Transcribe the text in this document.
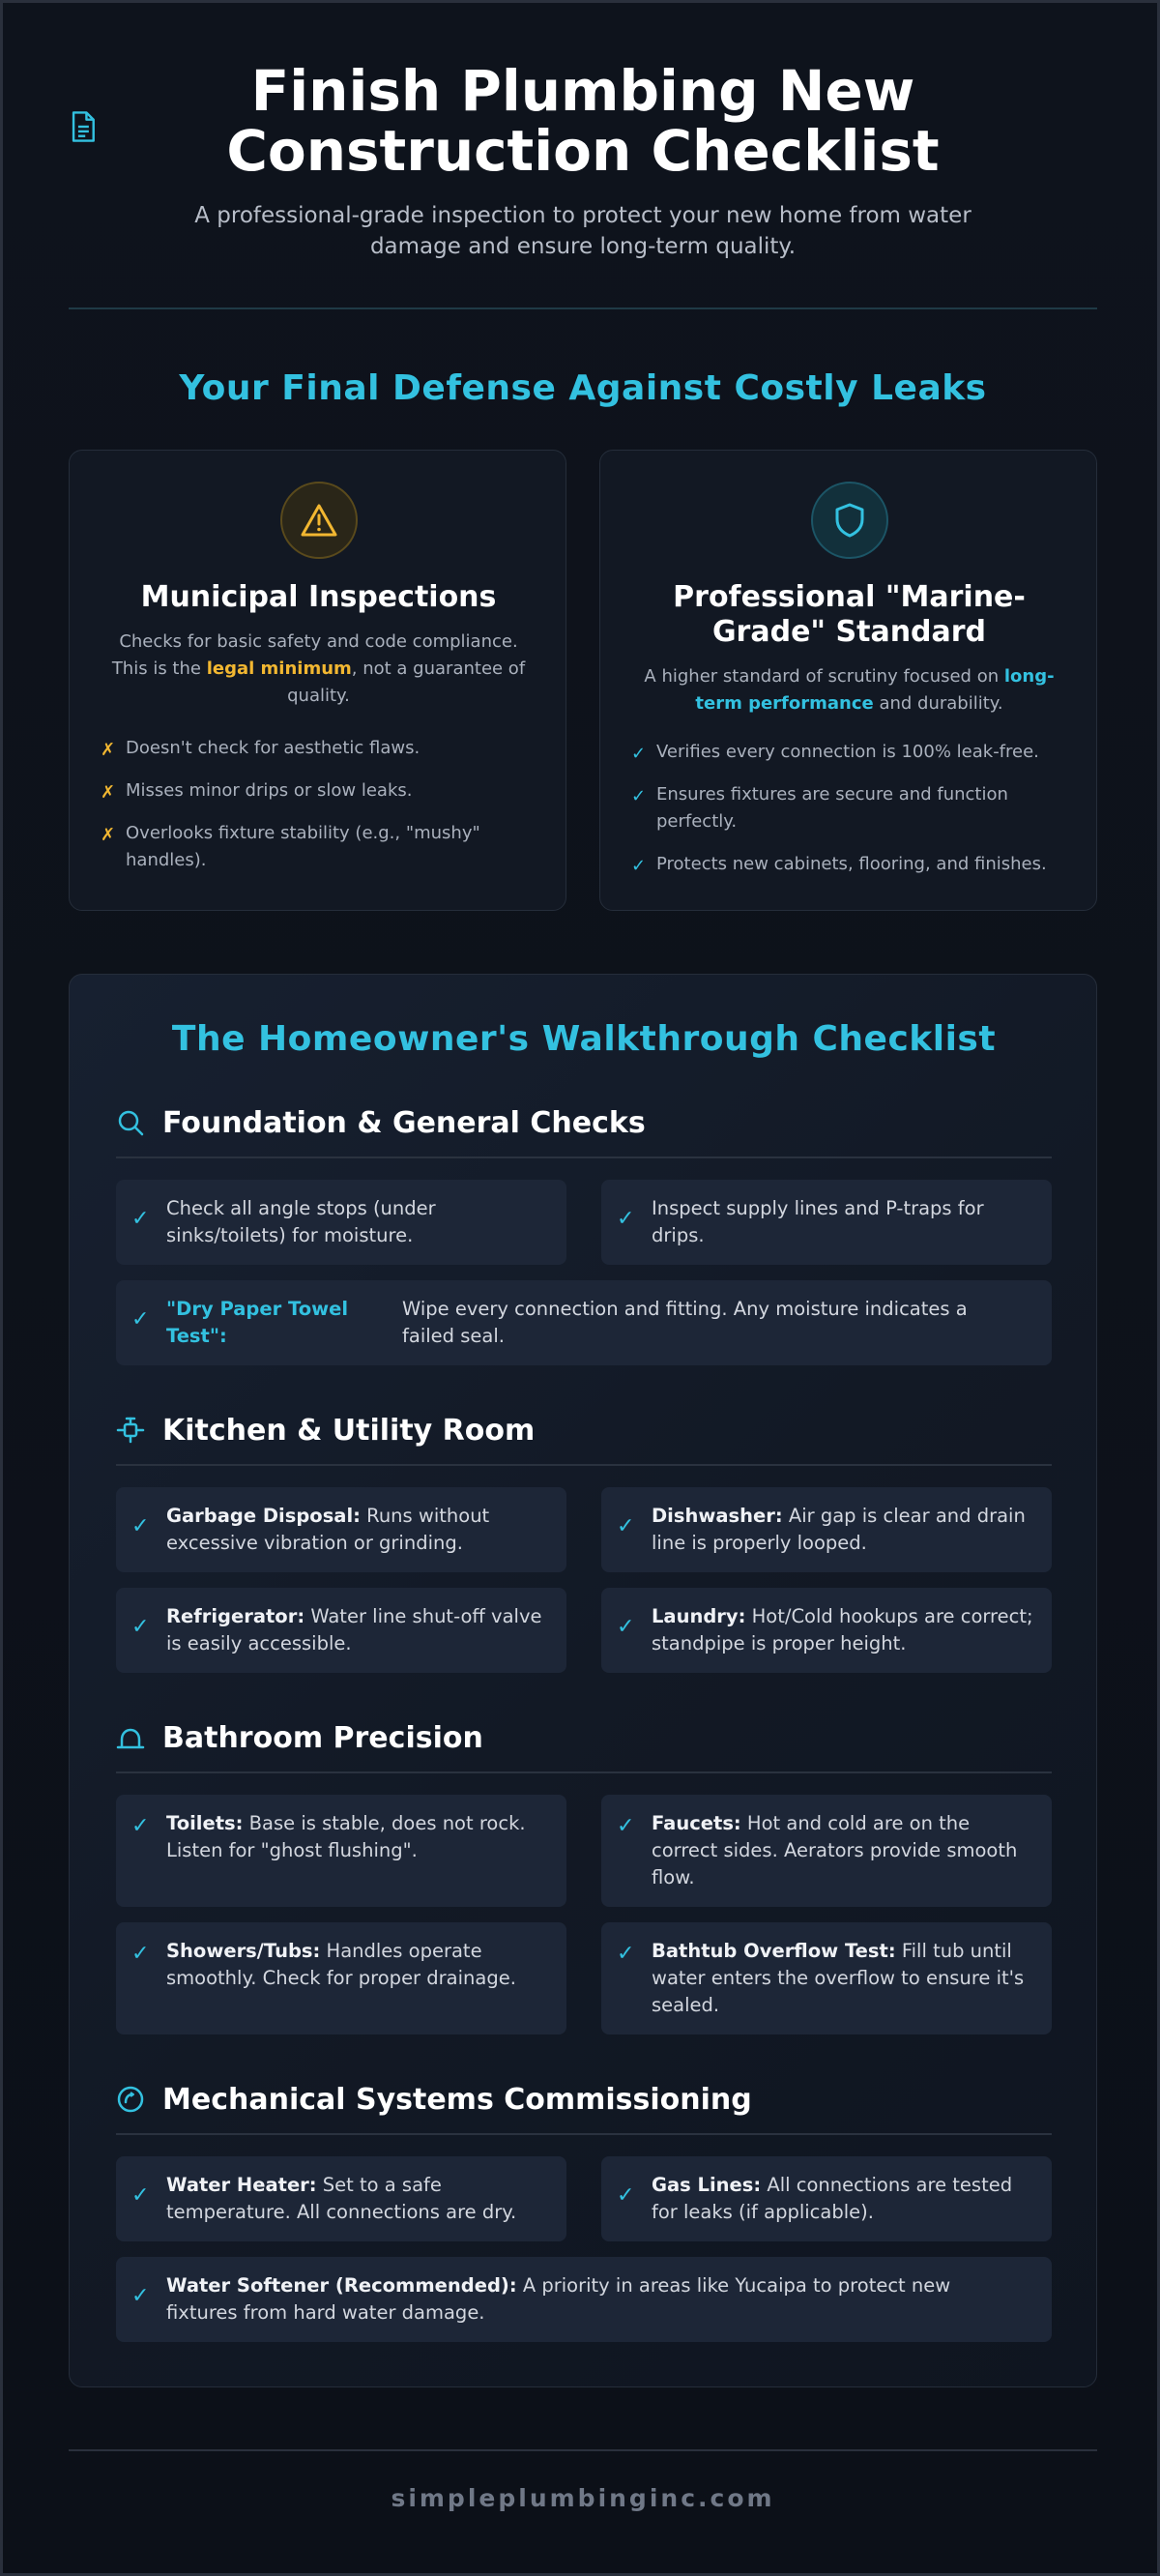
Finish Plumbing New Construction Checklist

A professional-grade inspection to protect your new home from water damage and ensure long-term quality.

Your Final Defense Against Costly Leaks
Municipal Inspections

Checks for basic safety and code compliance. This is the legal minimum, not a guarantee of quality.

✗ Doesn't check for aesthetic flaws.
✗ Misses minor drips or slow leaks.
✗ Overlooks fixture stability (e.g., "mushy" handles).
Professional "Marine-Grade" Standard

A higher standard of scrutiny focused on long-term performance and durability.

✓ Verifies every connection is 100% leak-free.
✓ Ensures fixtures are secure and function perfectly.
✓ Protects new cabinets, flooring, and finishes.
The Homeowner's Walkthrough Checklist
Foundation & General Checks
✓ Check all angle stops (under sinks/toilets) for moisture.
✓ Inspect supply lines and P-traps for drips.
✓ "Dry Paper Towel Test":
Wipe every connection and fitting. Any moisture indicates a failed seal.
Kitchen & Utility Room
✓ Garbage Disposal: Runs without excessive vibration or grinding.
✓ Dishwasher: Air gap is clear and drain line is properly looped.
✓ Refrigerator: Water line shut-off valve is easily accessible.
✓ Laundry: Hot/Cold hookups are correct; standpipe is proper height.
Bathroom Precision
✓ Toilets: Base is stable, does not rock. Listen for "ghost flushing".
✓ Faucets: Hot and cold are on the correct sides. Aerators provide smooth flow.
✓ Showers/Tubs: Handles operate smoothly. Check for proper drainage.
✓ Bathtub Overflow Test: Fill tub until water enters the overflow to ensure it's sealed.
Mechanical Systems Commissioning
✓ Water Heater: Set to a safe temperature. All connections are dry.
✓ Gas Lines: All connections are tested for leaks (if applicable).
✓ Water Softener (Recommended): A priority in areas like Yucaipa to protect new fixtures from hard water damage.
simpleplumbinginc.com
